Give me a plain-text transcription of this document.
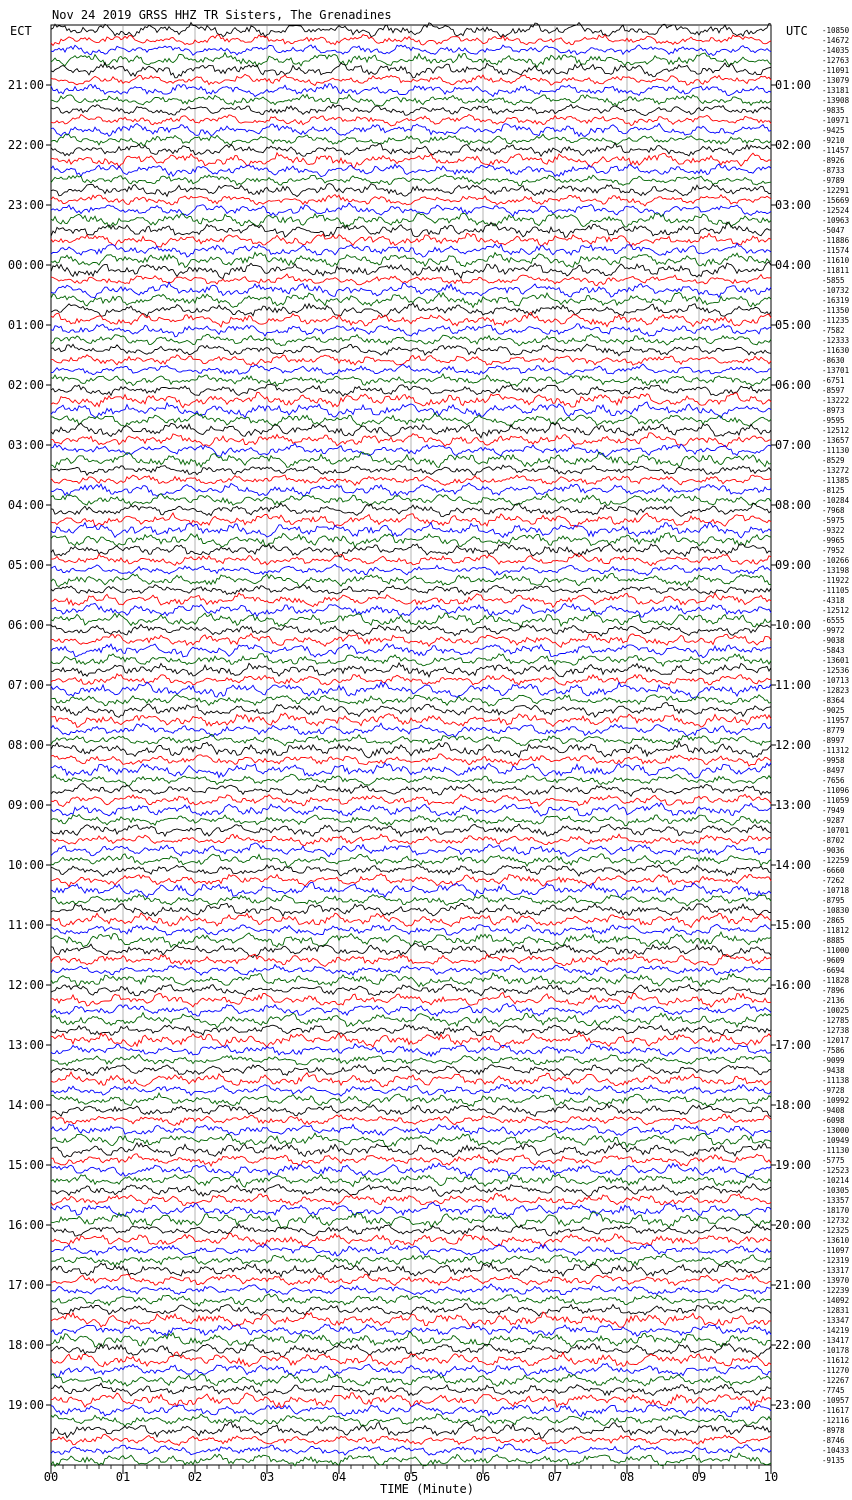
Nov 24 2019 GRSS HHZ TR Sisters, The Grenadines
ECT	UTC
TIME (Minute)
-10850
-14672
-14035
-12763
-11091
-13079
-13181
-13908
-9835
-10971
-9425
-9210
-11457
-8926
-8733
-9789
-12291
-15669
-12524
-10963
-5047
-11886
-11574
-11610
-11811
-5855
-10732
-16319
-11350
-11235
-7582
-12333
-11630
-8630
-13701
-6751
-8597
-13222
-8973
-9595
-12512
-13657
-11130
-8529
-13272
-11385
-8125
-10284
-7968
-5975
-9322
-9965
-7952
-10266
-13198
-11922
-11105
-4318
-12512
-6555
-9972
-9038
-5843
-13601
-12536
-10713
-12823
-8364
-9025
-11957
-8779
-8997
-11312
-9958
-8497
-7656
-11096
-11059
-7949
-9287
-10701
-8702
-9036
-12259
-6660
-7262
-10718
-8795
-10830
-2865
-11812
-8885
-11000
-9609
-6694
-11828
-7896
-2136
-10025
-12785
-12738
-12017
-7586
-9099
-9438
-11138
-9728
-10992
-9408
-6098
-13000
-10949
-11130
-5775
-12523
-10214
-10305
-13357
-18170
-12732
-12325
-13610
-11097
-12319
-13317
-13970
-12239
-14092
-12831
-13347
-14219
-13417
-10178
-11612
-11270
-12267
-7745
-10957
-11617
-12116
-8978
-8746
-10433
-9135
21:00	01:00
22:00	02:00
23:00	03:00
00:00	04:00
01:00	05:00
02:00	06:00
03:00	07:00
04:00	08:00
05:00	09:00
06:00	10:00
07:00	11:00
08:00	12:00
09:00	13:00
10:00	14:00
11:00	15:00
12:00	16:00
13:00	17:00
14:00	18:00
15:00	19:00
16:00	20:00
17:00	21:00
18:00	22:00
19:00	23:00
00	01	02	03	04	05	06	07	08	09	10
